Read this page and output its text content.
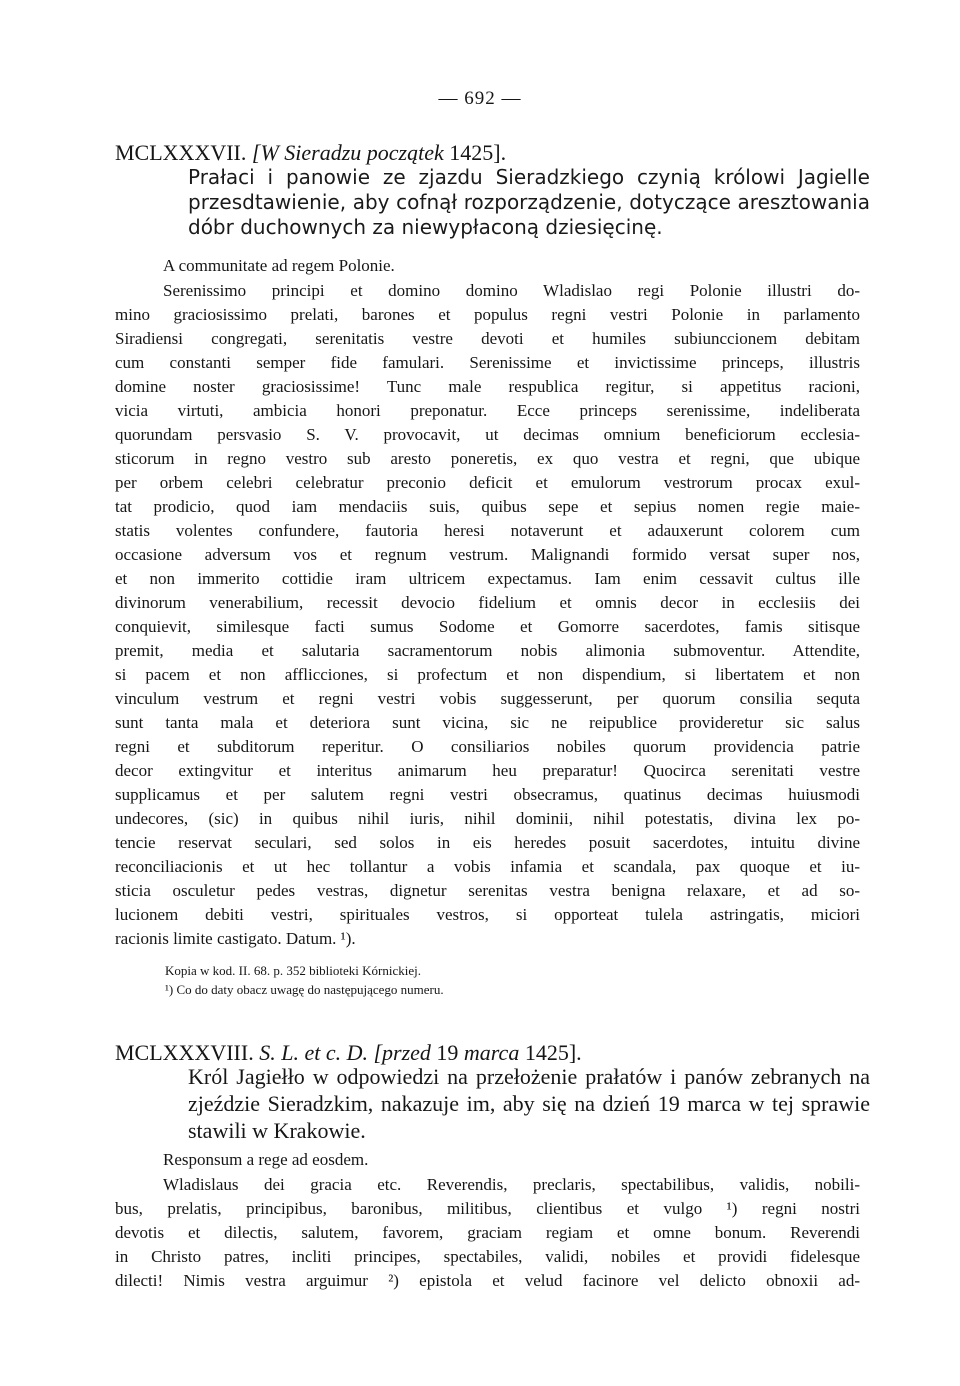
— 692 —
MCLXXXVII. [W Sieradzu początek 1425].
Prałaci i panowie ze zjazdu Sieradzkiego czynią królowi Jagielle przesdtawienie, aby cofnął rozporządzenie, dotyczące aresztowania dóbr duchownych za niewypłaconą dziesięcinę.
A communitate ad regem Polonie.
Serenissimo principi et domino domino Wladislao regi Polonie illustri do-
mino graciosissimo prelati, barones et populus regni vestri Polonie in parlamento
Siradiensi congregati, serenitatis vestre devoti et humiles subiunccionem debitam
cum constanti semper fide famulari. Serenissime et invictissime princeps, illustris
domine noster graciosissime! Tunc male respublica regitur, si appetitus racioni,
vicia virtuti, ambicia honori preponatur. Ecce princeps serenissime, indeliberata
quorundam persvasio S. V. provocavit, ut decimas omnium beneficiorum ecclesia-
sticorum in regno vestro sub aresto poneretis, ex quo vestra et regni, que ubique
per orbem celebri celebratur preconio deficit et emulorum vestrorum procax exul-
tat prodicio, quod iam mendaciis suis, quibus sepe et sepius nomen regie maie-
statis volentes confundere, fautoria heresi notaverunt et adauxerunt colorem cum
occasione adversum vos et regnum vestrum. Malignandi formido versat super nos,
et non immerito cottidie iram ultricem expectamus. Iam enim cessavit cultus ille
divinorum venerabilium, recessit devocio fidelium et omnis decor in ecclesiis dei
conquievit, similesque facti sumus Sodome et Gomorre sacerdotes, famis sitisque
premit, media et salutaria sacramentorum nobis alimonia submoventur. Attendite,
si pacem et non afflicciones, si profectum et non dispendium, si libertatem et non
vinculum vestrum et regni vestri vobis suggesserunt, per quorum consilia sequta
sunt tanta mala et deteriora sunt vicina, sic ne reipublice provideretur sic salus
regni et subditorum reperitur. O consiliarios nobiles quorum providencia patrie
decor extingvitur et interitus animarum heu preparatur! Quocirca serenitati vestre
supplicamus et per salutem regni vestri obsecramus, quatinus decimas huiusmodi
undecores, (sic) in quibus nihil iuris, nihil dominii, nihil potestatis, divina lex po-
tencie reservat seculari, sed solos in eis heredes posuit sacerdotes, intuitu divine
reconciliacionis et ut hec tollantur a vobis infamia et scandala, pax quoque et iu-
sticia osculetur pedes vestras, dignetur serenitas vestra benigna relaxare, et ad so-
lucionem debiti vestri, spirituales vestros, si opporteat tulela astringatis, miciori
racionis limite castigato. Datum. ¹).
Kopia w kod. II. 68. p. 352 biblioteki Kórnickiej.
¹) Co do daty obacz uwagę do następującego numeru.
MCLXXXVIII. S. L. et c. D. [przed 19 marca 1425].
Król Jagiełło w odpowiedzi na przełożenie prałatów i panów zebranych na zjeździe Sieradzkim, nakazuje im, aby się na dzień 19 marca w tej sprawie stawili w Krakowie.
Responsum a rege ad eosdem.
Wladislaus dei gracia etc. Reverendis, preclaris, spectabilibus, validis, nobili-
bus, prelatis, principibus, baronibus, militibus, clientibus et vulgo ¹) regni nostri
devotis et dilectis, salutem, favorem, graciam regiam et omne bonum. Reverendi
in Christo patres, incliti principes, spectabiles, validi, nobiles et providi fidelesque
dilecti! Nimis vestra arguimur ²) epistola et velud facinore vel delicto obnoxii ad-
